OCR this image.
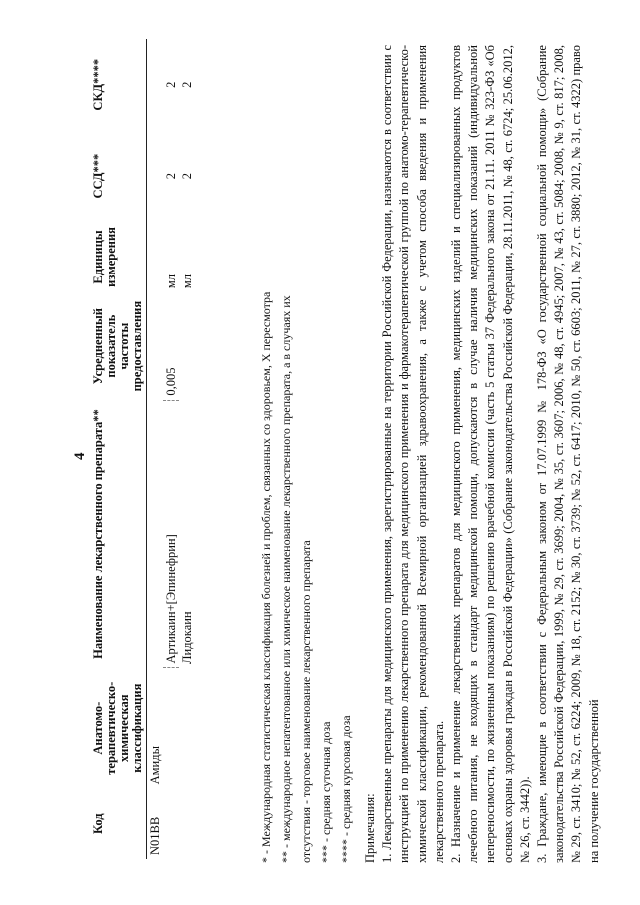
4
Код	Анатомо-терапевтическо-химическая классификация	Наименование лекарственного препарата**	Усредненный показатель частоты предоставления	Единицы измерения	ССД***	СКД****
N01BB	Амиды					
		Артикаин+[Эпинефрин]	0,005	мл	2	2
		Лидокаин		мл	2	2
* - Международная статистическая классификация болезней и проблем, связанных со здоровьем, X пересмотра ** - международное непатентованное или химическое наименование лекарственного препарата, а в случаях их отсутствия - торговое наименование лекарственного препарата *** - средняя суточная доза **** - средняя курсовая доза Примечания: 1. Лекарственные препараты для медицинского применения, зарегистрированные на территории Российской Федерации, назначаются в соответствии с инструкцией по применению лекарственного препарата для медицинского применения и фармакотерапевтической группой по анатомо-терапевтическо-химической классификации, рекомендованной Всемирной организацией здравоохранения, а также с учетом способа введения и применения лекарственного препарата. 2. Назначение и применение лекарственных препаратов для медицинского применения, медицинских изделий и специализированных продуктов лечебного питания, не входящих в стандарт медицинской помощи, допускаются в случае наличия медицинских показаний (индивидуальной непереносимости, по жизненным показаниям) по решению врачебной комиссии (часть 5 статьи 37 Федерального закона от 21.11. 2011 № 323-ФЗ «Об основах охраны здоровья граждан в Российской Федерации» (Собрание законодательства Российской Федерации, 28.11.2011, № 48, ст. 6724; 25.06.2012, № 26, ст. 3442)). 3. Граждане, имеющие в соответствии с Федеральным законом от 17.07.1999 № 178-ФЗ «О государственной социальной помощи» (Собрание законодательства Российской Федерации, 1999, № 29, ст. 3699; 2004, № 35, ст. 3607; 2006, № 48, ст. 4945; 2007, № 43, ст. 5084; 2008, № 9, ст. 817; 2008, № 29, ст. 3410; № 52, ст. 6224; 2009, № 18, ст. 2152; № 30, ст. 3739; № 52, ст. 6417; 2010, № 50, ст. 6603; 2011, № 27, ст. 3880; 2012, № 31, ст. 4322) право на получение государственной
